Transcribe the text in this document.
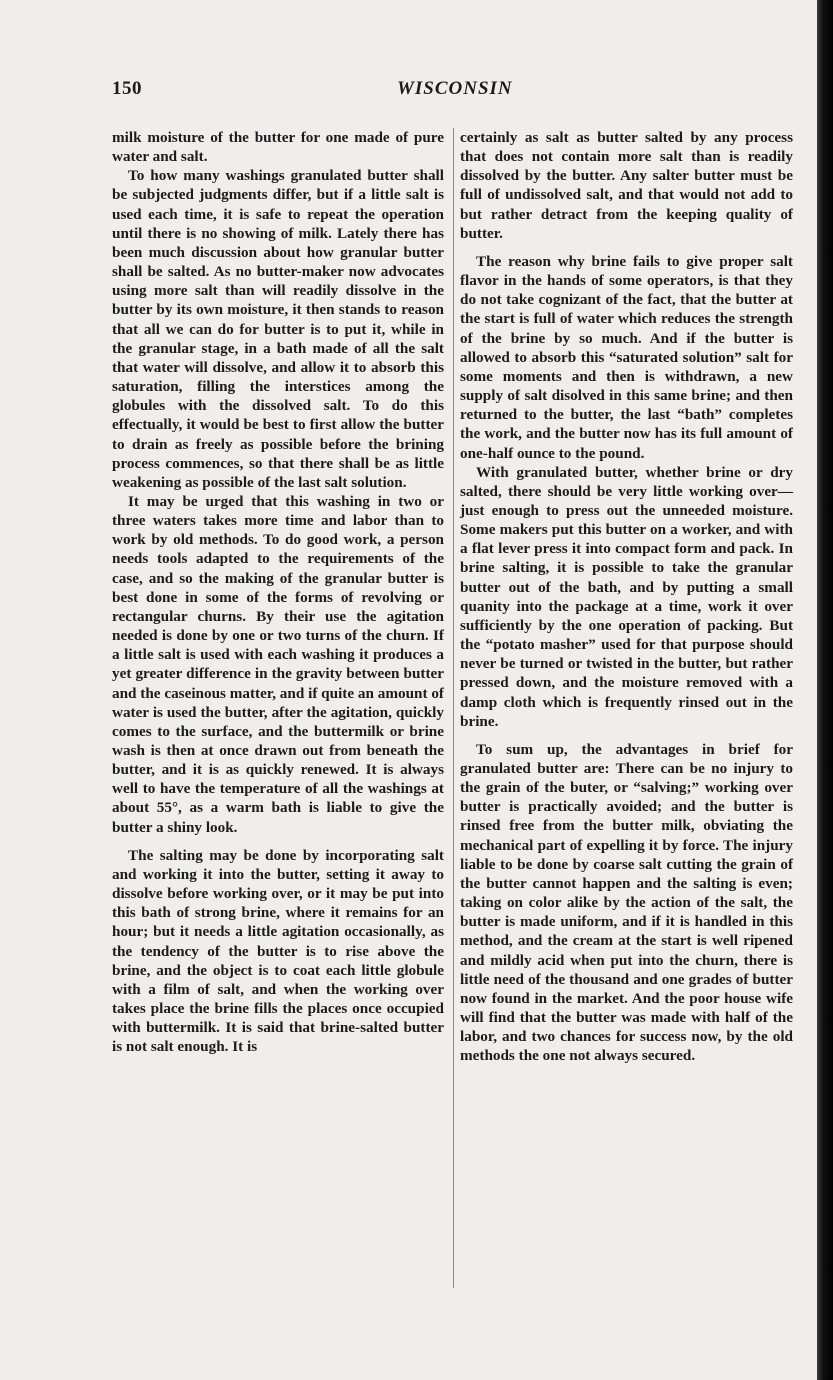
150	WISCONSIN

milk moisture of the butter for one made of pure water and salt.

To how many washings granulated butter shall be subjected judgments differ, but if a little salt is used each time, it is safe to repeat the operation until there is no showing of milk. Lately there has been much discussion about how granular butter shall be salted. As no butter-maker now advocates using more salt than will readily dissolve in the butter by its own moisture, it then stands to reason that all we can do for butter is to put it, while in the granular stage, in a bath made of all the salt that water will dissolve, and allow it to absorb this saturation, filling the interstices among the globules with the dissolved salt. To do this effectually, it would be best to first allow the butter to drain as freely as possible before the brining process commences, so that there shall be as little weakening as possible of the last salt solution.

It may be urged that this washing in two or three waters takes more time and labor than to work by old methods. To do good work, a person needs tools adapted to the requirements of the case, and so the making of the granular butter is best done in some of the forms of revolving or rectangular churns. By their use the agitation needed is done by one or two turns of the churn. If a little salt is used with each washing it produces a yet greater difference in the gravity between butter and the caseinous matter, and if quite an amount of water is used the butter, after the agitation, quickly comes to the surface, and the buttermilk or brine wash is then at once drawn out from beneath the butter, and it is as quickly renewed. It is always well to have the temperature of all the washings at about 55°, as a warm bath is liable to give the butter a shiny look.

The salting may be done by incorporating salt and working it into the butter, setting it away to dissolve before working over, or it may be put into this bath of strong brine, where it remains for an hour; but it needs a little agitation occasionally, as the tendency of the butter is to rise above the brine, and the object is to coat each little globule with a film of salt, and when the working over takes place the brine fills the places once occupied with buttermilk. It is said that brine-salted butter is not salt enough. It is

certainly as salt as butter salted by any process that does not contain more salt than is readily dissolved by the butter. Any salter butter must be full of undissolved salt, and that would not add to but rather detract from the keeping quality of butter.

The reason why brine fails to give proper salt flavor in the hands of some operators, is that they do not take cognizant of the fact, that the butter at the start is full of water which reduces the strength of the brine by so much. And if the butter is allowed to absorb this “saturated solution” salt for some moments and then is withdrawn, a new supply of salt disolved in this same brine; and then returned to the butter, the last “bath” completes the work, and the butter now has its full amount of one-half ounce to the pound.

With granulated butter, whether brine or dry salted, there should be very little working over—just enough to press out the unneeded moisture. Some makers put this butter on a worker, and with a flat lever press it into compact form and pack. In brine salting, it is possible to take the granular butter out of the bath, and by putting a small quanity into the package at a time, work it over sufficiently by the one operation of packing. But the “potato masher” used for that purpose should never be turned or twisted in the butter, but rather pressed down, and the moisture removed with a damp cloth which is frequently rinsed out in the brine.

To sum up, the advantages in brief for granulated butter are: There can be no injury to the grain of the buter, or “salving;” working over butter is practically avoided; and the butter is rinsed free from the butter milk, obviating the mechanical part of expelling it by force. The injury liable to be done by coarse salt cutting the grain of the butter cannot happen and the salting is even; taking on color alike by the action of the salt, the butter is made uniform, and if it is handled in this method, and the cream at the start is well ripened and mildly acid when put into the churn, there is little need of the thousand and one grades of butter now found in the market. And the poor house wife will find that the butter was made with half of the labor, and two chances for success now, by the old methods the one not always secured.
